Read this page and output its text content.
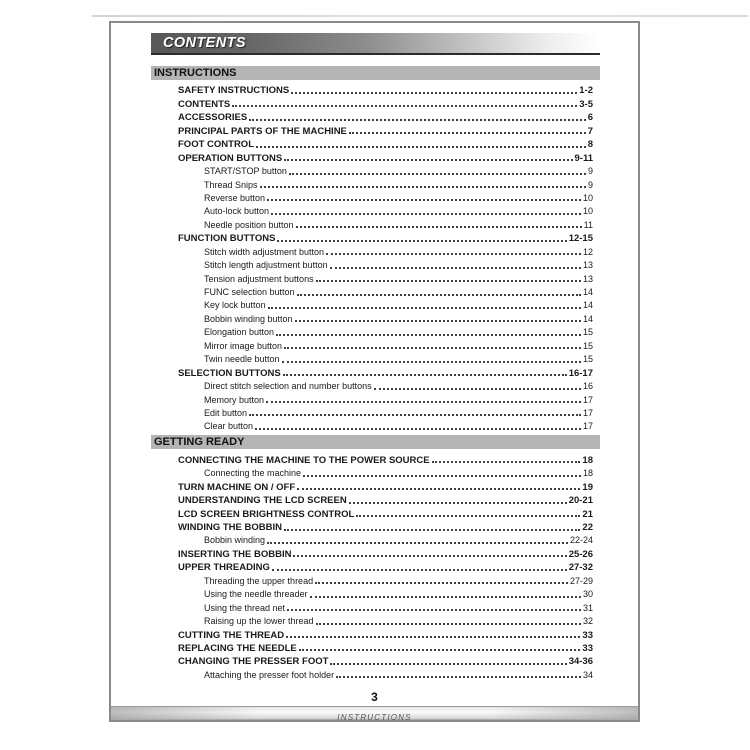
CONTENTS
INSTRUCTIONS
SAFETY INSTRUCTIONS	1-2
CONTENTS	3-5
ACCESSORIES	6
PRINCIPAL PARTS OF THE MACHINE	7
FOOT CONTROL	8
OPERATION BUTTONS	9-11
START/STOP button	9
Thread Snips	9
Reverse button	10
Auto-lock button	10
Needle position button	11
FUNCTION BUTTONS	12-15
Stitch width adjustment button	12
Stitch length adjustment button	13
Tension adjustment buttons	13
FUNC selection button	14
Key lock button	14
Bobbin winding button	14
Elongation button	15
Mirror image button	15
Twin needle button	15
SELECTION BUTTONS	16-17
Direct stitch selection and number buttons	16
Memory button	17
Edit button	17
Clear button	17
GETTING READY
CONNECTING THE MACHINE TO THE POWER SOURCE	18
Connecting the machine	18
TURN MACHINE ON / OFF	19
UNDERSTANDING THE LCD SCREEN	20-21
LCD SCREEN BRIGHTNESS CONTROL	21
WINDING THE BOBBIN	22
Bobbin winding	22-24
INSERTING THE BOBBIN	25-26
UPPER THREADING	27-32
Threading the upper thread	27-29
Using the needle threader	30
Using the thread net	31
Raising up the lower thread	32
CUTTING THE THREAD	33
REPLACING THE NEEDLE	33
CHANGING THE PRESSER FOOT	34-36
Attaching the presser foot holder	34
3
INSTRUCTIONS
